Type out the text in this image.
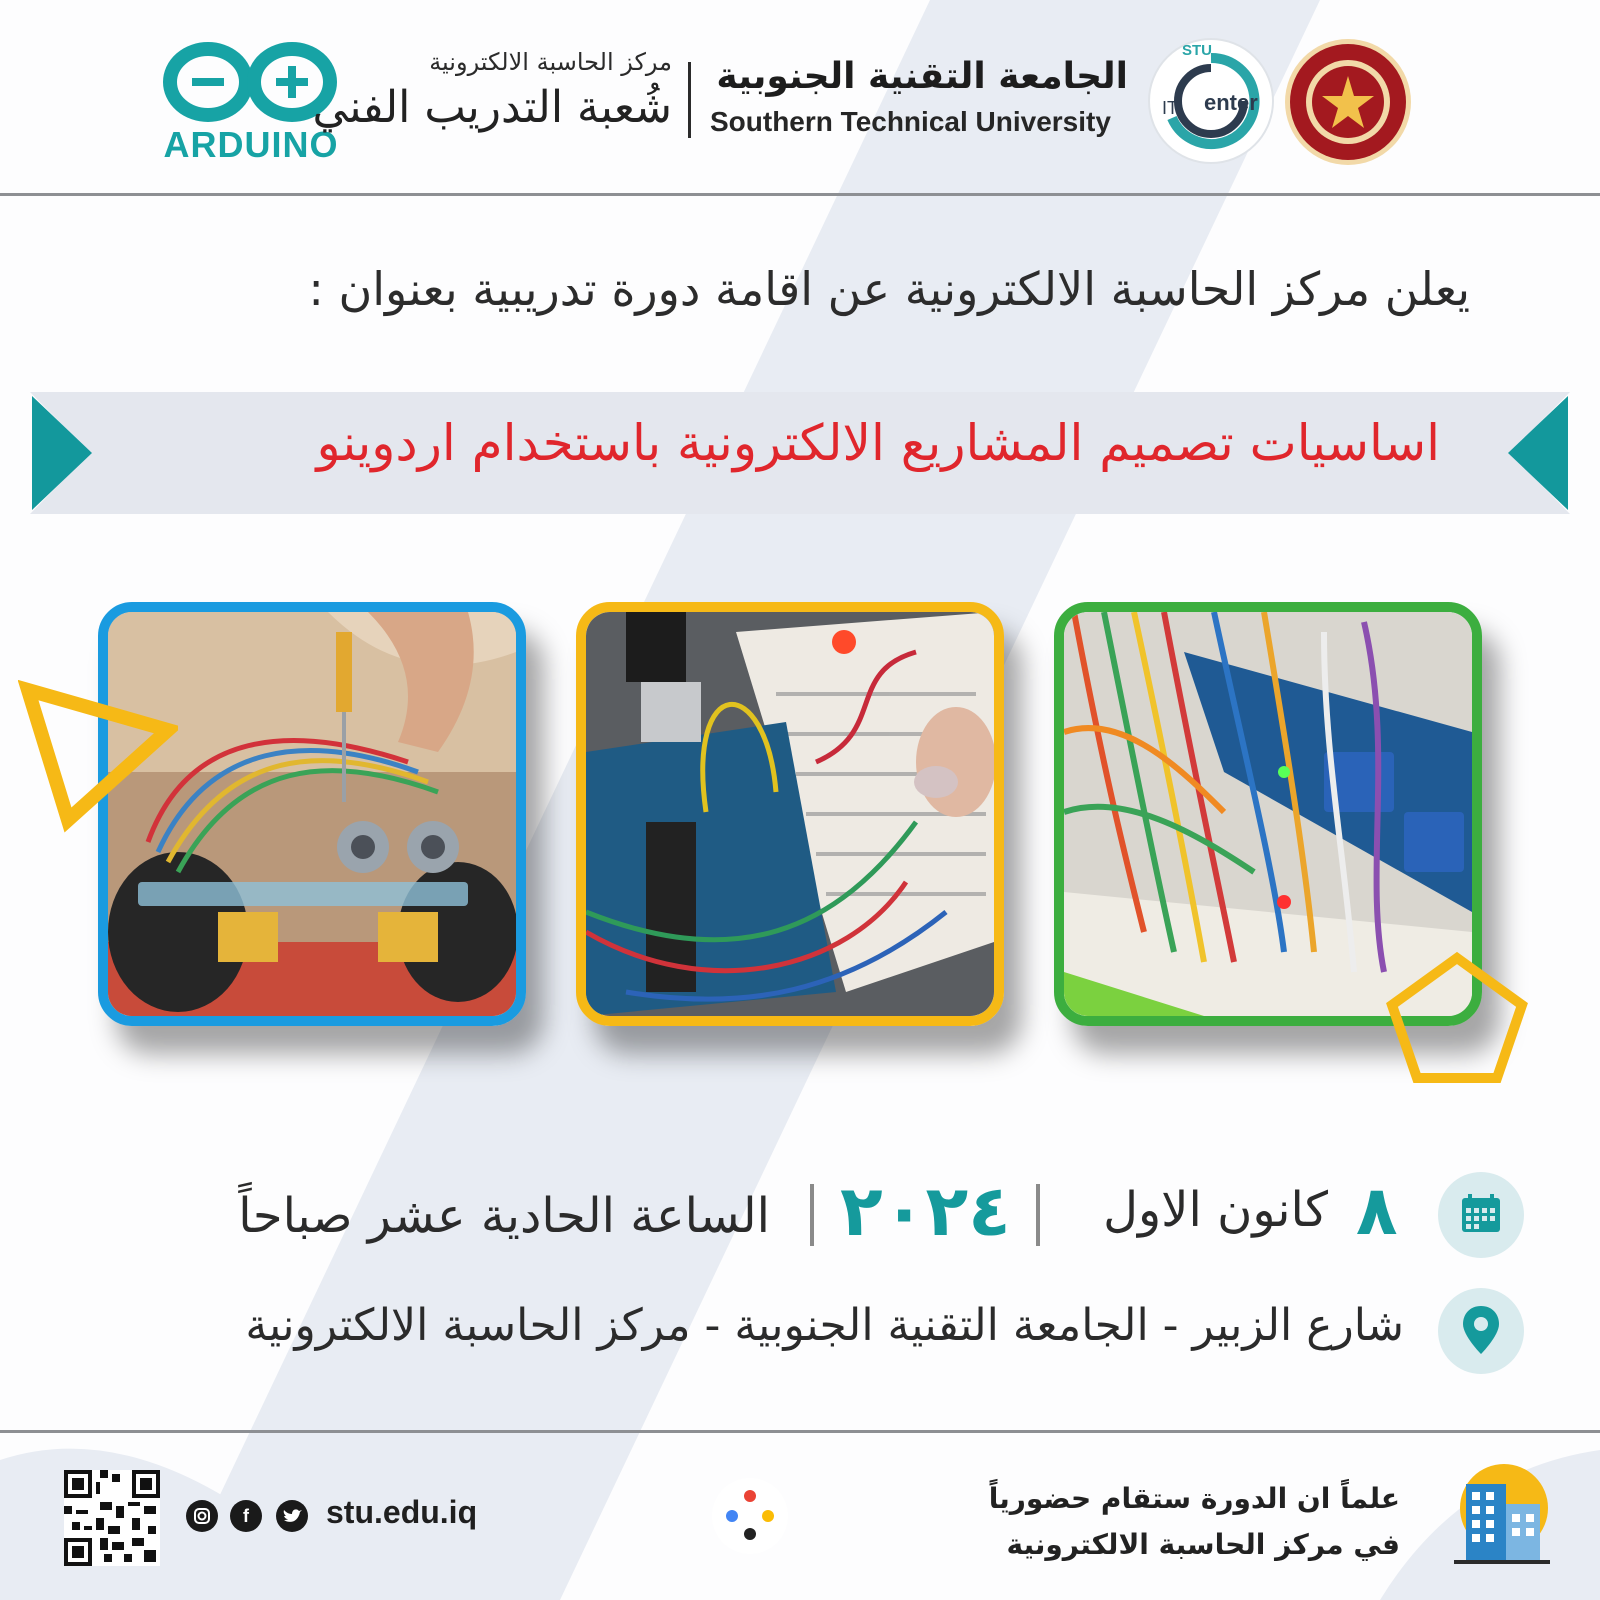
ARDUINO
مركز الحاسبة الالكترونية
شُعبة التدريب الفني
الجامعة التقنية الجنوبية
Southern Technical University
STU
IT enter
يعلن مركز الحاسبة الالكترونية عن اقامة دورة تدريبية بعنوان :
اساسيات تصميم المشاريع الالكترونية باستخدام اردوينو
٨
كانون الاول
٢٠٢٤
الساعة الحادية عشر صباحاً
شارع الزبير - الجامعة التقنية الجنوبية - مركز الحاسبة الالكترونية
علماً ان الدورة ستقام حضورياً
في مركز الحاسبة الالكترونية
stu.edu.iq
f
